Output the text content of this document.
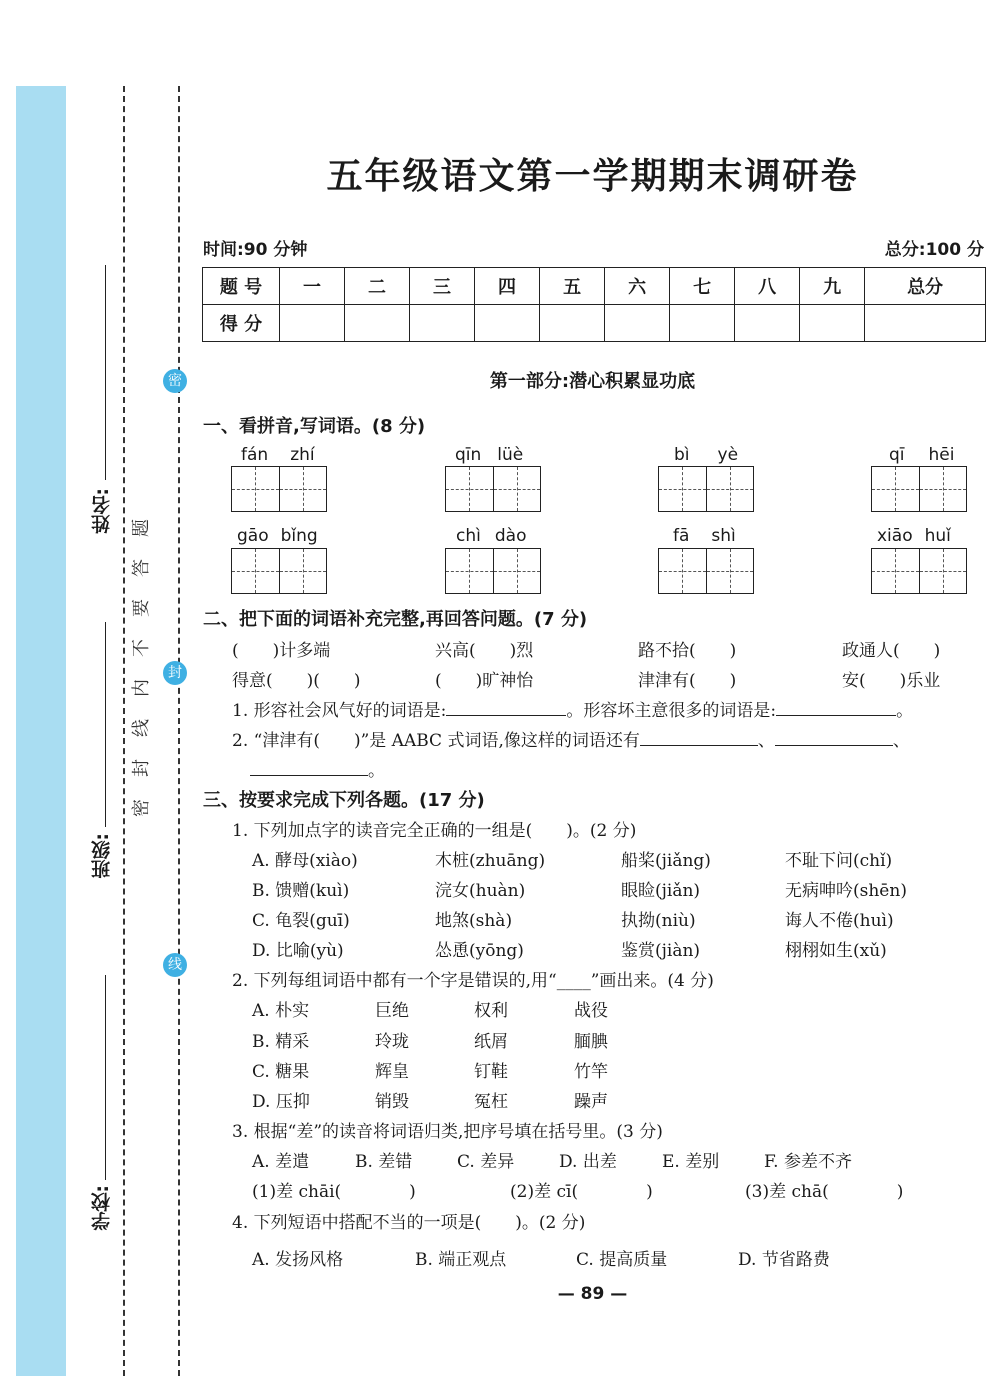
密
封
线
题
答
要
不
内
线
封
密
姓名:
班级:
学校:
五年级语文第一学期期末调研卷
时间:90 分钟	总分:100 分
题 号	一	二	三	四	五	六	七	八	九	总分
得 分										
第一部分:潜心积累显功底
一、看拼音,写词语。(8 分)
fán zhí	qīn lüè	bì yè	qī hēi
gāo bǐng	chì dào	fā shì	xiāo huǐ
二、把下面的词语补充完整,再回答问题。(7 分)
(　　)计多端	兴高(　　)烈	路不拾(　　)	政通人(　　)
得意(　　)(　　)	(　　)旷神怡	津津有(　　)	安(　　)乐业
1. 形容社会风气好的词语是:	。形容坏主意很多的词语是:	。
2. “津津有(　　)”是 AABC 式词语,像这样的词语还有	、	、
。
三、按要求完成下列各题。(17 分)
1. 下列加点字的读音完全正确的一组是(　　)。(2 分)
A. 酵母(xiào)	木桩(zhuāng)	船桨(jiǎng)	不耻下问(chǐ)
B. 馈赠(kuì)	浣女(huàn)	眼睑(jiǎn)	无病呻吟(shēn)
C. 龟裂(guī)	地煞(shà)	执拗(niù)	诲人不倦(huì)
D. 比喻(yù)	怂恿(yōng)	鉴赏(jiàn)	栩栩如生(xǔ)
2. 下列每组词语中都有一个字是错误的,用“____”画出来。(4 分)
A. 朴实	巨绝	权利	战役
B. 精采	玲珑	纸屑	腼腆
C. 糖果	辉皇	钉鞋	竹竿
D. 压抑	销毁	冤枉	躁声
3. 根据“差”的读音将词语归类,把序号填在括号里。(3 分)
A. 差遣	B. 差错	C. 差异	D. 出差	E. 差别	F. 参差不齐
(1)差 chāi(　　　　)	(2)差 cī(　　　　)	(3)差 chā(　　　　)
4. 下列短语中搭配不当的一项是(　　)。(2 分)
A. 发扬风格	B. 端正观点	C. 提高质量	D. 节省路费
— 89 —
